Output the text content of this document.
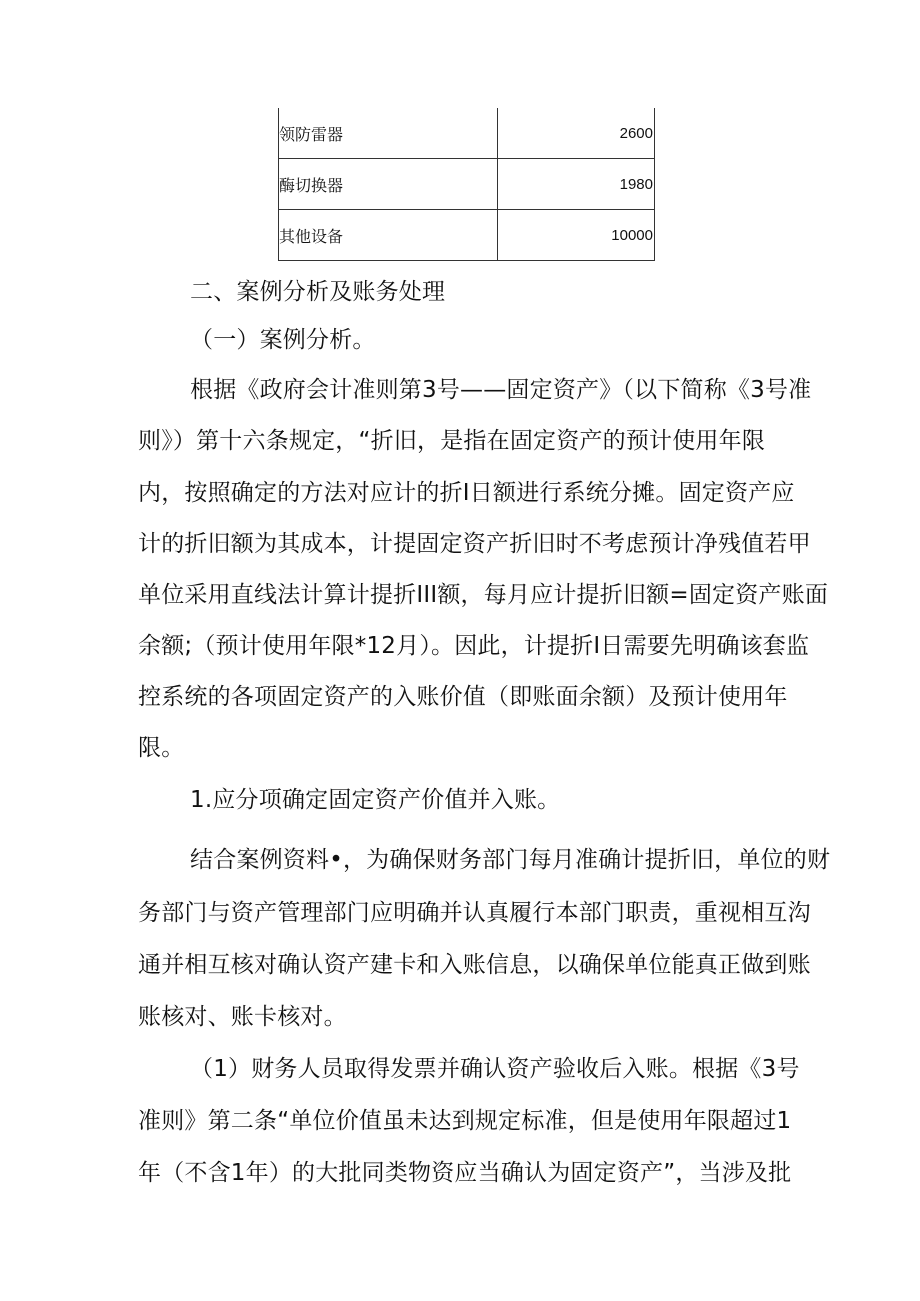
领防雷器	2600
酶切换器	1980
其他设备	10000
二、案例分析及账务处理
（一）案例分析。
根据《政府会计准则第3号——固定资产》（以下简称《3号准
则》）第十六条规定，“折旧，是指在固定资产的预计使用年限
内，按照确定的方法对应计的折I日额进行系统分摊。固定资产应
计的折旧额为其成本，计提固定资产折旧时不考虑预计净残值若甲
单位采用直线法计算计提折III额，每月应计提折旧额=固定资产账面
余额;（预计使用年限*12月）。因此，计提折I日需要先明确该套监
控系统的各项固定资产的入账价值（即账面余额）及预计使用年
限。
1.应分项确定固定资产价值并入账。
结合案例资料•，为确保财务部门每月准确计提折旧，单位的财
务部门与资产管理部门应明确并认真履行本部门职责，重视相互沟
通并相互核对确认资产建卡和入账信息，以确保单位能真正做到账
账核对、账卡核对。
（1）财务人员取得发票并确认资产验收后入账。根据《3号
准则》第二条“单位价值虽未达到规定标准，但是使用年限超过1
年（不含1年）的大批同类物资应当确认为固定资产”，当涉及批
